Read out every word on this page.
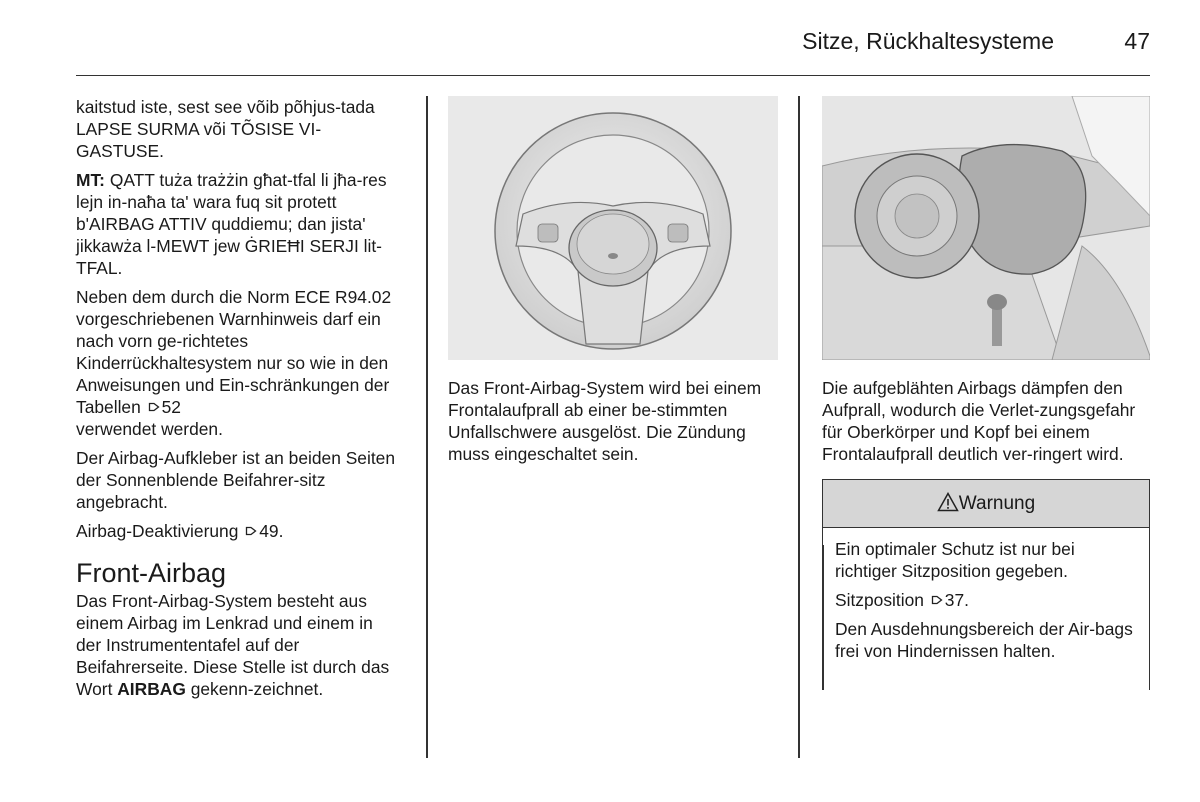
Sitze, Rückhaltesysteme	47

kaitstud iste, sest see võib põhjus-tada LAPSE SURMA või TÕSISE VI-GASTUSE.

MT: QATT tuża trażżin għat-tfal li jħa-res lejn in-naħa ta' wara fuq sit protett b'AIRBAG ATTIV quddiemu; dan jista' jikkawża l-MEWT jew ĠRIEĦI SERJI lit-TFAL.

Neben dem durch die Norm ECE R94.02 vorgeschriebenen Warnhinweis darf ein nach vorn ge-richtetes Kinderrückhaltesystem nur so wie in den Anweisungen und Ein-schränkungen der Tabellen 52
verwendet werden.

Der Airbag-Aufkleber ist an beiden Seiten der Sonnenblende Beifahrer-sitz angebracht.

Airbag-Deaktivierung 49.

Front-Airbag

Das Front-Airbag-System besteht aus einem Airbag im Lenkrad und einem in der Instrumententafel auf der Beifahrerseite. Diese Stelle ist durch das Wort AIRBAG gekenn-zeichnet.

Das Front-Airbag-System wird bei einem Frontalaufprall ab einer be-stimmten Unfallschwere ausgelöst. Die Zündung muss eingeschaltet sein.

Die aufgeblähten Airbags dämpfen den Aufprall, wodurch die Verlet-zungsgefahr für Oberkörper und Kopf bei einem Frontalaufprall deutlich ver-ringert wird.

Warnung

Ein optimaler Schutz ist nur bei richtiger Sitzposition gegeben.

Sitzposition 37.

Den Ausdehnungsbereich der Air-bags frei von Hindernissen halten.
